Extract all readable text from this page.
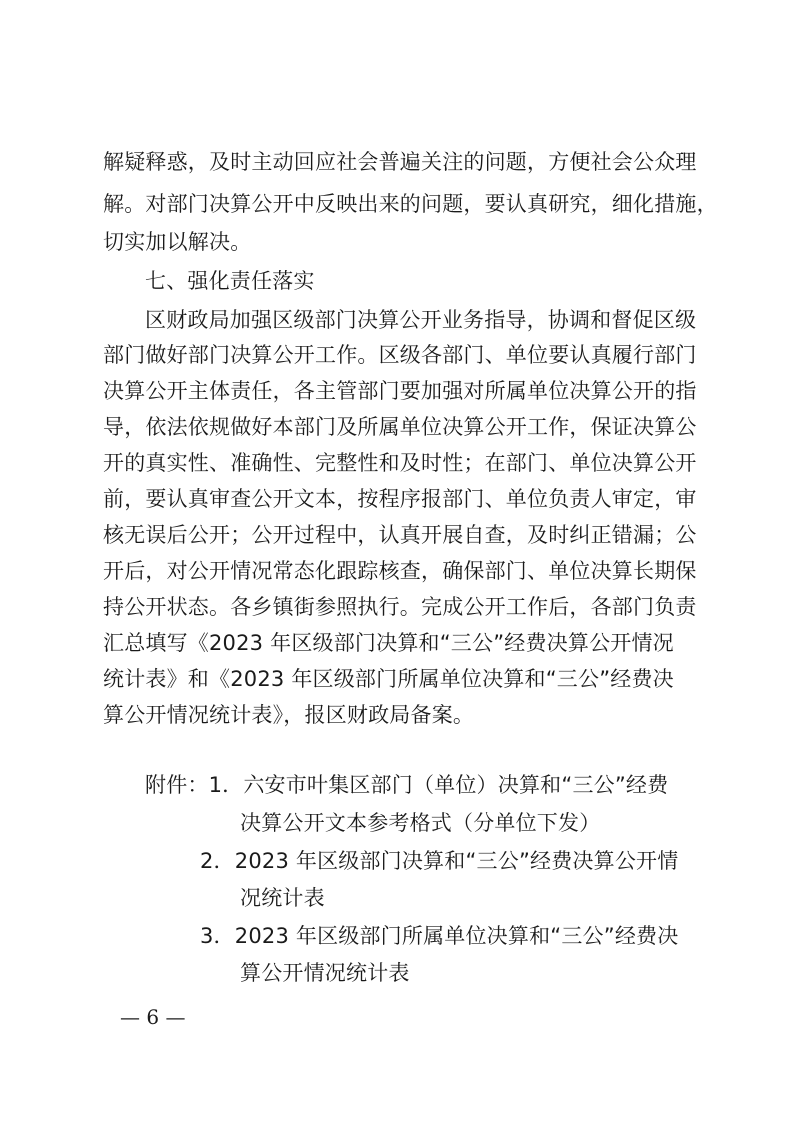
解疑释惑，及时主动回应社会普遍关注的问题，方便社会公众理
解。对部门决算公开中反映出来的问题，要认真研究，细化措施，
切实加以解决。
七、强化责任落实
区财政局加强区级部门决算公开业务指导，协调和督促区级
部门做好部门决算公开工作。区级各部门、单位要认真履行部门
决算公开主体责任，各主管部门要加强对所属单位决算公开的指
导，依法依规做好本部门及所属单位决算公开工作，保证决算公
开的真实性、准确性、完整性和及时性；在部门、单位决算公开
前，要认真审查公开文本，按程序报部门、单位负责人审定，审
核无误后公开；公开过程中，认真开展自查，及时纠正错漏；公
开后，对公开情况常态化跟踪核查，确保部门、单位决算长期保
持公开状态。各乡镇街参照执行。完成公开工作后，各部门负责
汇总填写《2023 年区级部门决算和“三公”经费决算公开情况
统计表》和《2023 年区级部门所属单位决算和“三公”经费决
算公开情况统计表》，报区财政局备案。
附件：1．六安市叶集区部门（单位）决算和“三公”经费
决算公开文本参考格式（分单位下发）
2．2023 年区级部门决算和“三公”经费决算公开情
况统计表
3．2023 年区级部门所属单位决算和“三公”经费决
算公开情况统计表
— 6 —
